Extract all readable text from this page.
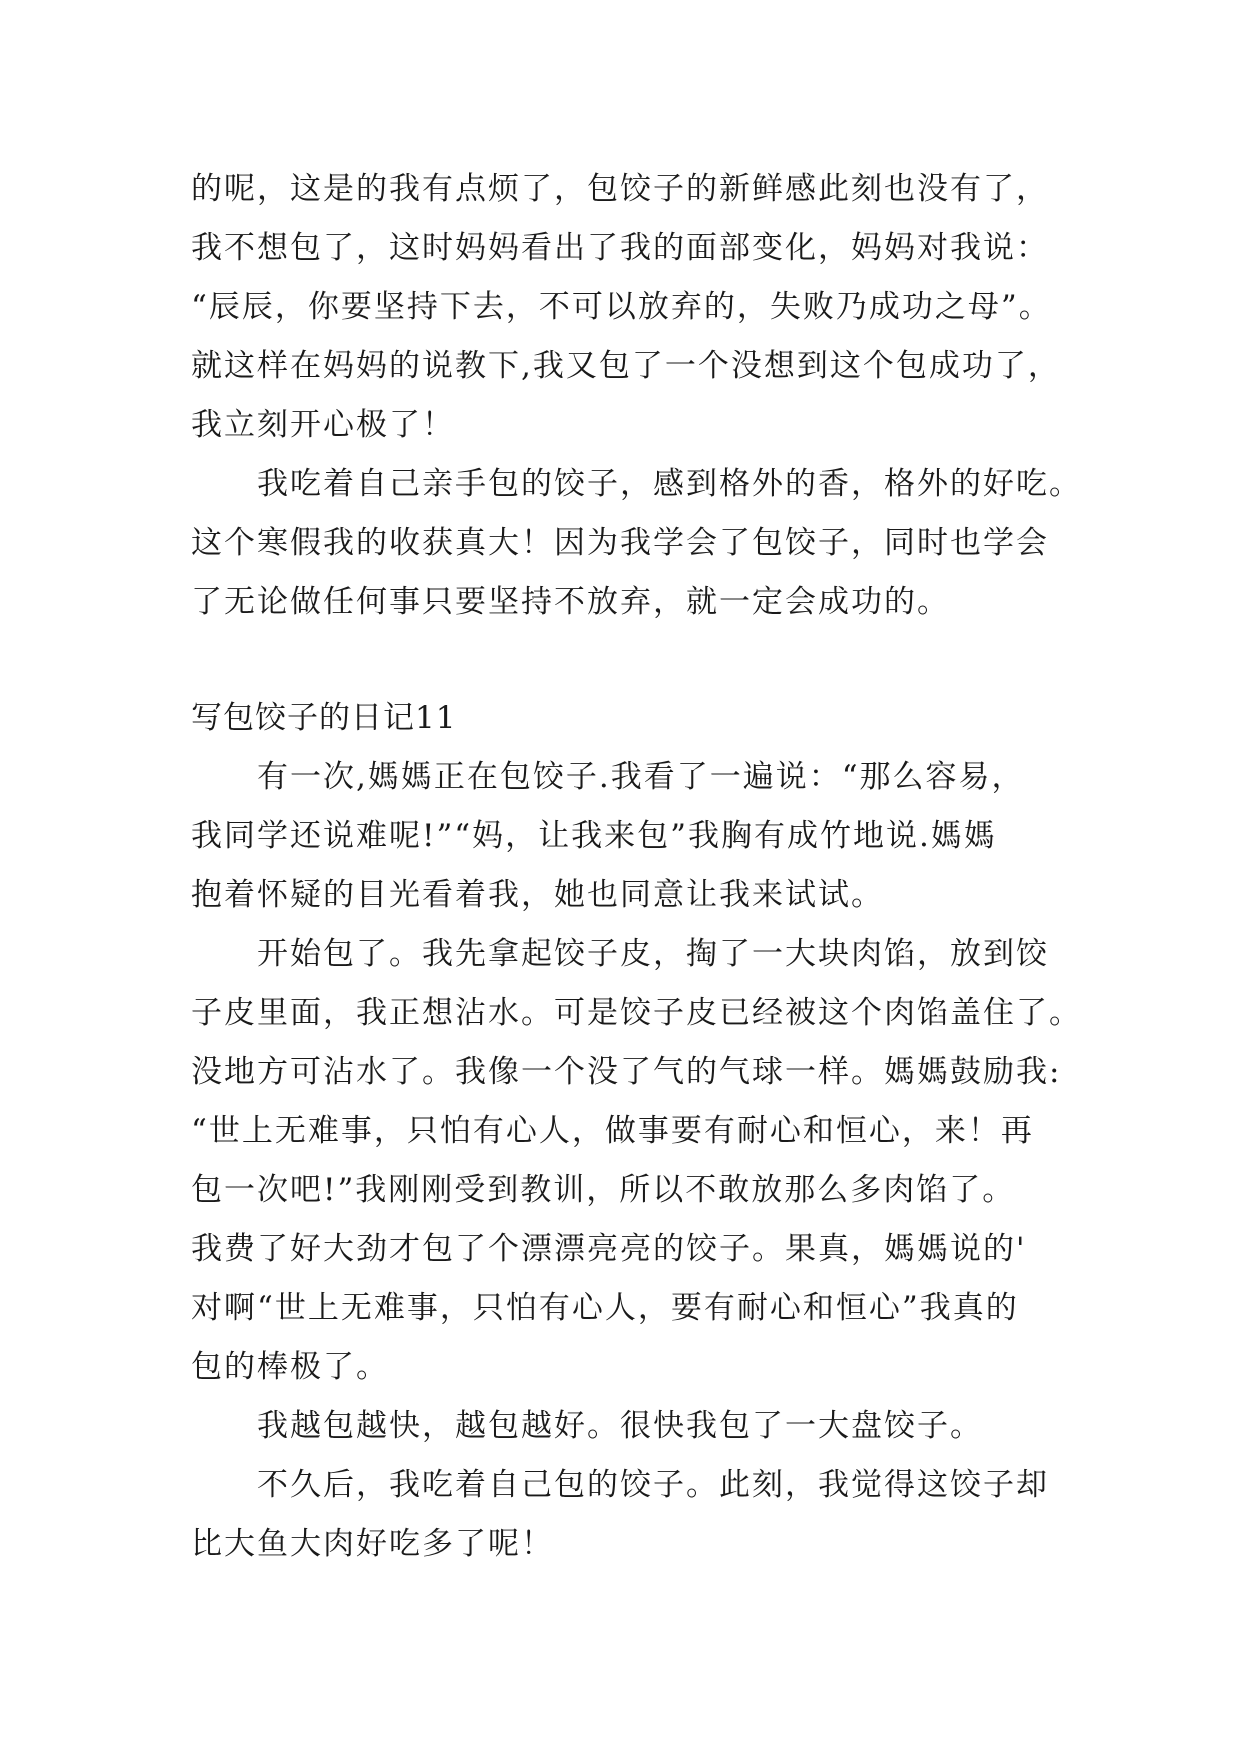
的呢，这是的我有点烦了，包饺子的新鲜感此刻也没有了，
我不想包了，这时妈妈看出了我的面部变化，妈妈对我说：
“辰辰，你要坚持下去，不可以放弃的，失败乃成功之母”。
就这样在妈妈的说教下,我又包了一个没想到这个包成功了，
我立刻开心极了！
我吃着自己亲手包的饺子，感到格外的香，格外的好吃。
这个寒假我的收获真大！因为我学会了包饺子，同时也学会
了无论做任何事只要坚持不放弃，就一定会成功的。
写包饺子的日记11
有一次,媽媽正在包饺子.我看了一遍说：“那么容易，
我同学还说难呢!”“妈，让我来包”我胸有成竹地说.媽媽
抱着怀疑的目光看着我，她也同意让我来试试。
开始包了。我先拿起饺子皮，掏了一大块肉馅，放到饺
子皮里面，我正想沾水。可是饺子皮已经被这个肉馅盖住了。
没地方可沾水了。我像一个没了气的气球一样。媽媽鼓励我:
“世上无难事，只怕有心人，做事要有耐心和恒心，来！再
包一次吧!”我刚刚受到教训，所以不敢放那么多肉馅了。
我费了好大劲才包了个漂漂亮亮的饺子。果真，媽媽说的'
对啊“世上无难事，只怕有心人，要有耐心和恒心”我真的
包的棒极了。
我越包越快，越包越好。很快我包了一大盘饺子。
不久后，我吃着自己包的饺子。此刻，我觉得这饺子却
比大鱼大肉好吃多了呢！
